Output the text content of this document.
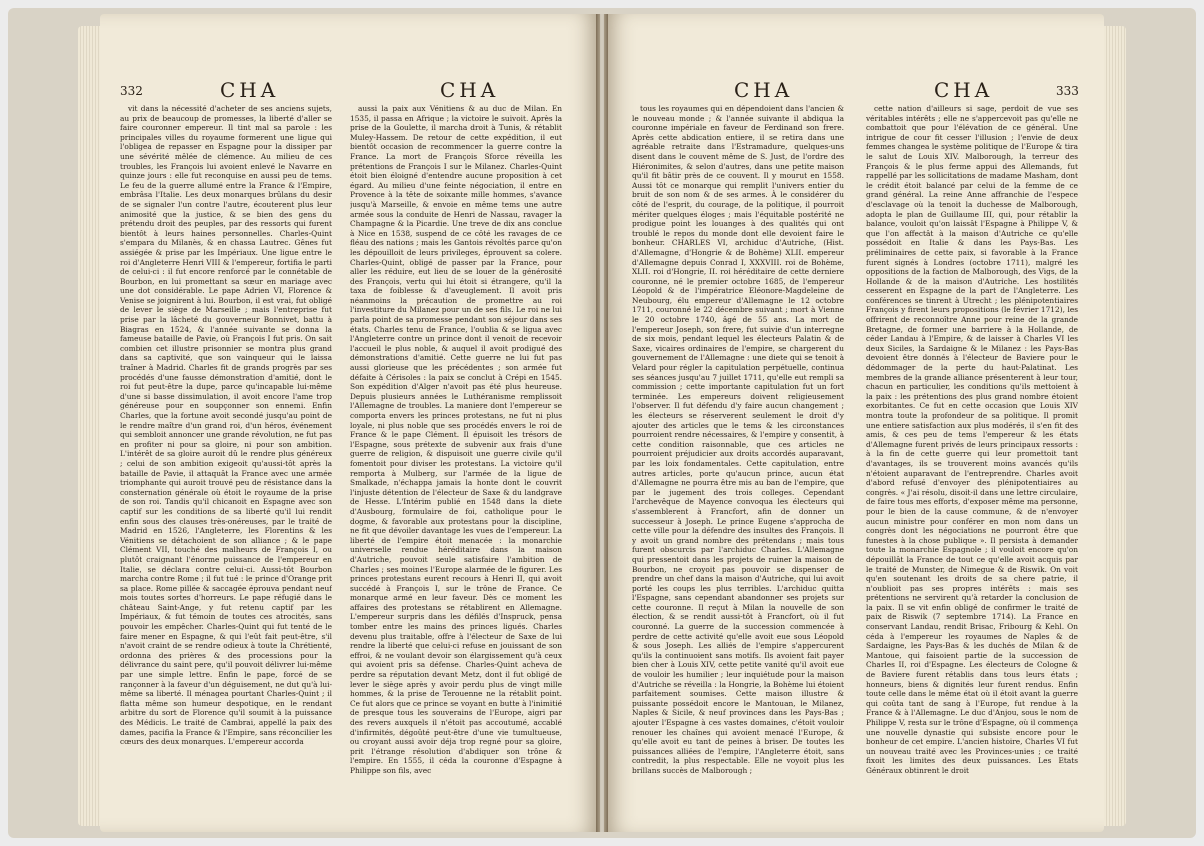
332	CHA	CHA

vit dans la nécessité d'acheter de ses anciens sujets, au prix de beaucoup de promesses, la liberté d'aller se faire couronner empereur. Il tint mal sa parole : les principales villes du royaume formerent une ligue qui l'obligea de repasser en Espagne pour la dissiper par une sévérité mêlée de clémence. Au milieu de ces troubles, les François lui avoient enlevé le Navarre en quinze jours : elle fut reconquise en aussi peu de tems. Le feu de la guerre allumé entre la France & l'Empire, embrâsa l'Italie. Les deux monarques brûlans du desir de se signaler l'un contre l'autre, écouterent plus leur animosité que la justice, & se bien des gens du prétendu droit des peuples, par des ressorts qui furent bientôt à leurs haines personnelles. Charles-Quint s'empara du Milanès, & en chassa Lautrec. Gênes fut assiégée & prise par les Impériaux. Une ligue entre le roi d'Angleterre Henri VIII & l'empereur, fortifia le parti de celui-ci : il fut encore renforcé par le connétable de Bourbon, en lui promettant sa sœur en mariage avec une dot considérable. Le pape Adrien VI, Florence & Venise se joignirent à lui. Bourbon, il est vrai, fut obligé de lever le siège de Marseille ; mais l'entreprise fut prise par la lâcheté du gouverneur Bonnivet, battu à Biagras en 1524, & l'année suivante se donna la fameuse bataille de Pavie, où François I fut pris. On sait combien cet illustre prisonnier se montra plus grand dans sa captivité, que son vainqueur qui le laissa traîner à Madrid. Charles fit de grands progrès par ses procédés d'une fausse démonstration d'amitié, dont le roi fut peut-être la dupe, parce qu'incapable lui-même d'une si basse dissimulation, il avoit encore l'ame trop généreuse pour en soupçonner son ennemi. Enfin Charles, que la fortune avoit secondé jusqu'au point de le rendre maître d'un grand roi, d'un héros, événement qui sembloit annoncer une grande révolution, ne fut pas en profiter ni pour sa gloire, ni pour son ambition. L'intérêt de sa gloire auroit dû le rendre plus généreux ; celui de son ambition exigeoit qu'aussi-tôt après la bataille de Pavie, il attaquât la France avec une armée triomphante qui auroit trouvé peu de résistance dans la consternation générale où étoit le royaume de la prise de son roi. Tandis qu'il chicanoit en Espagne avec son captif sur les conditions de sa liberté qu'il lui rendit enfin sous des clauses très-onéreuses, par le traité de Madrid en 1526, l'Angleterre, les Florentins & les Vénitiens se détachoient de son alliance ; & le pape Clément VII, touché des malheurs de François I, ou plutôt craignant l'énorme puissance de l'empereur en Italie, se déclara contre celui-ci. Aussi-tôt Bourbon marcha contre Rome ; il fut tué : le prince d'Orange prit sa place. Rome pillée & saccagée éprouva pendant neuf mois toutes sortes d'horreurs. Le pape réfugié dans le château Saint-Ange, y fut retenu captif par les Impériaux, & fut témoin de toutes ces atrocités, sans pouvoir les empêcher. Charles-Quint qui fut tenté de le faire mener en Espagne, & qui l'eût fait peut-être, s'il n'avoit craint de se rendre odieux à toute la Chrétienté, ordonna des prières & des processions pour la délivrance du saint pere, qu'il pouvoit délivrer lui-même par une simple lettre. Enfin le pape, forcé de se rançonner à la faveur d'un déguisement, ne dut qu'à lui-même sa liberté. Il ménagea pourtant Charles-Quint ; il flatta même son humeur despotique, en le rendant arbitre du sort de Florence qu'il soumit à la puissance des Médicis. Le traité de Cambrai, appellé la paix des dames, pacifia la France & l'Empire, sans réconcilier les cœurs des deux monarques. L'empereur accorda

aussi la paix aux Vénitiens & au duc de Milan. En 1535, il passa en Afrique ; la victoire le suivoit. Après la prise de la Goulette, il marcha droit à Tunis, & rétablit Muley-Hassem. De retour de cette expédition, il eut bientôt occasion de recommencer la guerre contre la France. La mort de François Sforce réveilla les prétentions de François I sur le Milanez. Charles-Quint étoit bien éloigné d'entendre aucune proposition à cet égard. Au milieu d'une feinte négociation, il entre en Provence à la tête de soixante mille hommes, s'avance jusqu'à Marseille, & envoie en même tems une autre armée sous la conduite de Henri de Nassau, ravager la Champagne & la Picardie. Une treve de dix ans conclue à Nice en 1538, suspend de ce côté les ravages de ce fléau des nations ; mais les Gantois révoltés parce qu'on les dépouilloit de leurs privileges, éprouvent sa colere. Charles-Quint, obligé de passer par la France, pour aller les réduire, eut lieu de se louer de la générosité des François, vertu qui lui étoit si étrangere, qu'il la taxa de foiblesse & d'aveuglement. Il avoit pris néanmoins la précaution de promettre au roi l'investiture du Milanez pour un de ses fils. Le roi ne lui parla point de sa promesse pendant son séjour dans ses états. Charles tenu de France, l'oublia & se ligua avec l'Angleterre contre un prince dont il venoit de recevoir l'accueil le plus noble, & auquel il avoit prodigué des démonstrations d'amitié. Cette guerre ne lui fut pas aussi glorieuse que les précédentes ; son armée fut défaite à Cérisoles : la paix se conclut à Crépi en 1545. Son expédition d'Alger n'avoit pas été plus heureuse. Depuis plusieurs années le Luthéranisme remplissoit l'Allemagne de troubles. La maniere dont l'empereur se comporta envers les princes protestans, ne fut ni plus loyale, ni plus noble que ses procédés envers le roi de France & le pape Clément. Il épuisoit les trésors de l'Espagne, sous prétexte de subvenir aux frais d'une guerre de religion, & dispuisoit une guerre civile qu'il fomentoit pour diviser les protestans. La victoire qu'il remporta à Mulberg, sur l'armée de la ligue de Smalkade, n'échappa jamais la honte dont le couvrit l'injuste détention de l'électeur de Saxe & du landgrave de Hesse. L'Intérim publié en 1548 dans la diete d'Ausbourg, formulaire de foi, catholique pour le dogme, & favorable aux protestans pour la discipline, ne fit que dévoiler davantage les vues de l'empereur. La liberté de l'empire étoit menacée : la monarchie universelle rendue héréditaire dans la maison d'Autriche, pouvoit seule satisfaire l'ambition de Charles ; ses moines l'Europe alarmée de le figurer. Les princes protestans eurent recours à Henri II, qui avoit succédé à François I, sur le trône de France. Ce monarque armé en leur faveur. Dès ce moment les affaires des protestans se rétablirent en Allemagne. L'empereur surpris dans les défilés d'Inspruck, pensa tomber entre les mains des princes ligués. Charles devenu plus traitable, offre à l'électeur de Saxe de lui rendre la liberté que celui-ci refuse en jouissant de son effroi, & ne voulant devoir son élargissement qu'à ceux qui avoient pris sa défense. Charles-Quint acheva de perdre sa réputation devant Metz, dont il fut obligé de lever le siège après y avoir perdu plus de vingt mille hommes, & la prise de Terouenne ne la rétablit point. Ce fut alors que ce prince se voyant en butte à l'inimitié de presque tous les souverains de l'Europe, aigri par des revers auxquels il n'étoit pas accoutumé, accablé d'infirmités, dégoûté peut-être d'une vie tumultueuse, ou croyant aussi avoir déja trop regné pour sa gloire, prit l'étrange résolution d'abdiquer son trône & l'empire. En 1555, il céda la couronne d'Espagne à Philippe son fils, avec

CHA	CHA	333

tous les royaumes qui en dépendoient dans l'ancien & le nouveau monde ; & l'année suivante il abdiqua la couronne impériale en faveur de Ferdinand son frere. Après cette abdication entiere, il se retira dans une agréable retraite dans l'Estramadure, quelques-uns disent dans le couvent même de S. Just, de l'ordre des Hiéronimites, & selon d'autres, dans une petite maison qu'il fit bâtir près de ce couvent. Il y mourut en 1558. Aussi tôt ce monarque qui remplit l'univers entier du bruit de son nom & de ses armes. À le considérer du côté de l'esprit, du courage, de la politique, il pourroit mériter quelques éloges ; mais l'équitable postérité ne prodigue point les louanges à des qualités qui ont troublé le repos du monde dont elle devoient faire le bonheur. CHARLES VI, archiduc d'Autriche, (Hist. d'Allemagne, d'Hongrie & de Bohème) XLII. empereur d'Allemagne depuis Conrad I, XXXVIII. roi de Bohème, XLII. roi d'Hongrie, II. roi héréditaire de cette derniere couronne, né le premier octobre 1685, de l'empereur Léopold & de l'impératrice Eléonore-Magdeleine de Neubourg, élu empereur d'Allemagne le 12 octobre 1711, couronné le 22 décembre suivant ; mort à Vienne le 20 octobre 1740, âgé de 55 ans. La mort de l'empereur Joseph, son frere, fut suivie d'un interregne de six mois, pendant lequel les électeurs Palatin & de Saxe, vicaires ordinaires de l'empire, se chargerent du gouvernement de l'Allemagne : une diete qui se tenoit à Velard pour régler la capitulation perpétuelle, continua ses séances jusqu'au 7 juillet 1711, qu'elle eut rempli sa commission ; cette importante capitulation fut un fort terminée. Les empereurs doivent religieusement l'observer. Il fut défendu d'y faire aucun changement ; les électeurs se réserverent seulement le droit d'y ajouter des articles que le tems & les circonstances pourroient rendre nécessaires, & l'empire y consentit, à cette condition raisonnable, que ces articles ne pourroient préjudicier aux droits accordés auparavant, par les loix fondamentales. Cette capitulation, entre autres articles, porte qu'aucun prince, aucun état d'Allemagne ne pourra être mis au ban de l'empire, que par le jugement des trois colleges. Cependant l'archevêque de Mayence convoqua les électeurs qui s'assemblerent à Francfort, afin de donner un successeur à Joseph. Le prince Eugene s'approcha de cette ville pour la défendre des insultes des François. Il y avoit un grand nombre des prétendans ; mais tous furent obscurcis par l'archiduc Charles. L'Allemagne qui pressentoit dans les projets de ruiner la maison de Bourbon, ne croyoit pas pouvoir se dispenser de prendre un chef dans la maison d'Autriche, qui lui avoit porté les coups les plus terribles. L'archiduc quitta l'Espagne, sans cependant abandonner ses projets sur cette couronne. Il reçut à Milan la nouvelle de son élection, & se rendit aussi-tôt à Francfort, où il fut couronné. La guerre de la succession commencée à perdre de cette activité qu'elle avoit eue sous Léopold & sous Joseph. Les alliés de l'empire s'appercurent qu'ils la continuoient sans motifs. Ils avoient fait payer bien cher à Louis XIV, cette petite vanité qu'il avoit eue de vouloir les humilier ; leur inquiétude pour la maison d'Autriche se réveilla : la Hongrie, la Bohème lui étoient parfaitement soumises. Cette maison illustre & puissante possédoit encore le Mantouan, le Milanez, Naples & Sicile, & neuf provinces dans les Pays-Bas ; ajouter l'Espagne à ces vastes domaines, c'étoit vouloir renouer les chaînes qui avoient menacé l'Europe, & qu'elle avoit eu tant de peines à briser. De toutes les puissances alliées de l'empire, l'Angleterre étoit, sans contredit, la plus respectable. Elle ne voyoit plus les brillans succès de Malborough ;

cette nation d'ailleurs si sage, perdoit de vue ses véritables intérêts ; elle ne s'appercevoit pas qu'elle ne combattoit que pour l'élévation de ce général. Une intrigue de cour fit cesser l'illusion ; l'envie de deux femmes changea le système politique de l'Europe & tira le salut de Louis XIV. Malborough, la terreur des François & le plus ferme appui des Allemands, fut rappellé par les sollicitations de madame Masham, dont le crédit étoit balancé par celui de la femme de ce grand général. La reine Anne affranchie de l'espece d'esclavage où la tenoit la duchesse de Malborough, adopta le plan de Guillaume III, qui, pour rétablir la balance, vouloit qu'on laissât l'Espagne à Philippe V, & que l'on affectât à la maison d'Autriche ce qu'elle possédoit en Italie & dans les Pays-Bas. Les préliminaires de cette paix, si favorable à la France furent signés à Londres (octobre 1711), malgré les oppositions de la faction de Malborough, des Vigs, de la Hollande & de la maison d'Autriche. Les hostilités cesserent en Espagne de la part de l'Angleterre. Les conférences se tinrent à Utrecht ; les plénipotentiaires François y firent leurs propositions (le février 1712), les offrirent de reconnoître Anne pour reine de la grande Bretagne, de former une barriere à la Hollande, de céder Landau à l'Empire, & de laisser à Charles VI les deux Siciles, la Sardaigne & le Milanez : les Pays-Bas devoient être donnés à l'électeur de Baviere pour le dédommager de la perte du haut-Palatinat. Les membres de la grande alliance présenterent à leur tour, chacun en particulier, les conditions qu'ils mettoient à la paix : les prétentions des plus grand nombre étoient exorbitantes. Ce fut en cette occasion que Louis XIV montra toute la profondeur de sa politique. Il promit une entiere satisfaction aux plus modérés, il s'en fit des amis, & ces peu de tems l'empereur & les états d'Allemagne furent privés de leurs principaux ressorts : à la fin de cette guerre qui leur promettoit tant d'avantages, ils se trouverent moins avancés qu'ils n'étoient auparavant de l'entreprendre. Charles avoit d'abord refusé d'envoyer des plénipotentiaires au congrès. « J'ai résolu, disoit-il dans une lettre circulaire, de faire tous mes efforts, d'exposer même ma personne, pour le bien de la cause commune, & de n'envoyer aucun ministre pour conférer en mon nom dans un congrès dont les négociations ne pourront être que funestes à la chose publique ». Il persista à demander toute la monarchie Espagnole ; il vouloit encore qu'on dépouillât la France de tout ce qu'elle avoit acquis par le traité de Munster, de Nimegue & de Riswik. On voit qu'en soutenant les droits de sa chere patrie, il n'oublioit pas ses propres intérêts : mais ses prétentions ne servirent qu'à retarder la conclusion de la paix. Il se vit enfin obligé de confirmer le traité de paix de Riswik (7 septembre 1714). La France en conservant Landau, rendit Brisac, Fribourg & Kehl. On céda à l'empereur les royaumes de Naples & de Sardaigne, les Pays-Bas & les duchés de Milan & de Mantoue, qui faisoient partie de la succession de Charles II, roi d'Espagne. Les électeurs de Cologne & de Baviere furent rétablis dans tous leurs états ; honneurs, biens & dignités leur furent rendus. Enfin toute celle dans le même état où il étoit avant la guerre qui coûta tant de sang à l'Europe, fut rendue à la France & à l'Allemagne. Le duc d'Anjou, sous le nom de Philippe V, resta sur le trône d'Espagne, où il commença une nouvelle dynastie qui subsiste encore pour le bonheur de cet empire. L'ancien histoire, Charles VI fut un nouveau traité avec les Provinces-unies ; ce traité fixoit les limites des deux puissances. Les Etats Généraux obtinrent le droit
